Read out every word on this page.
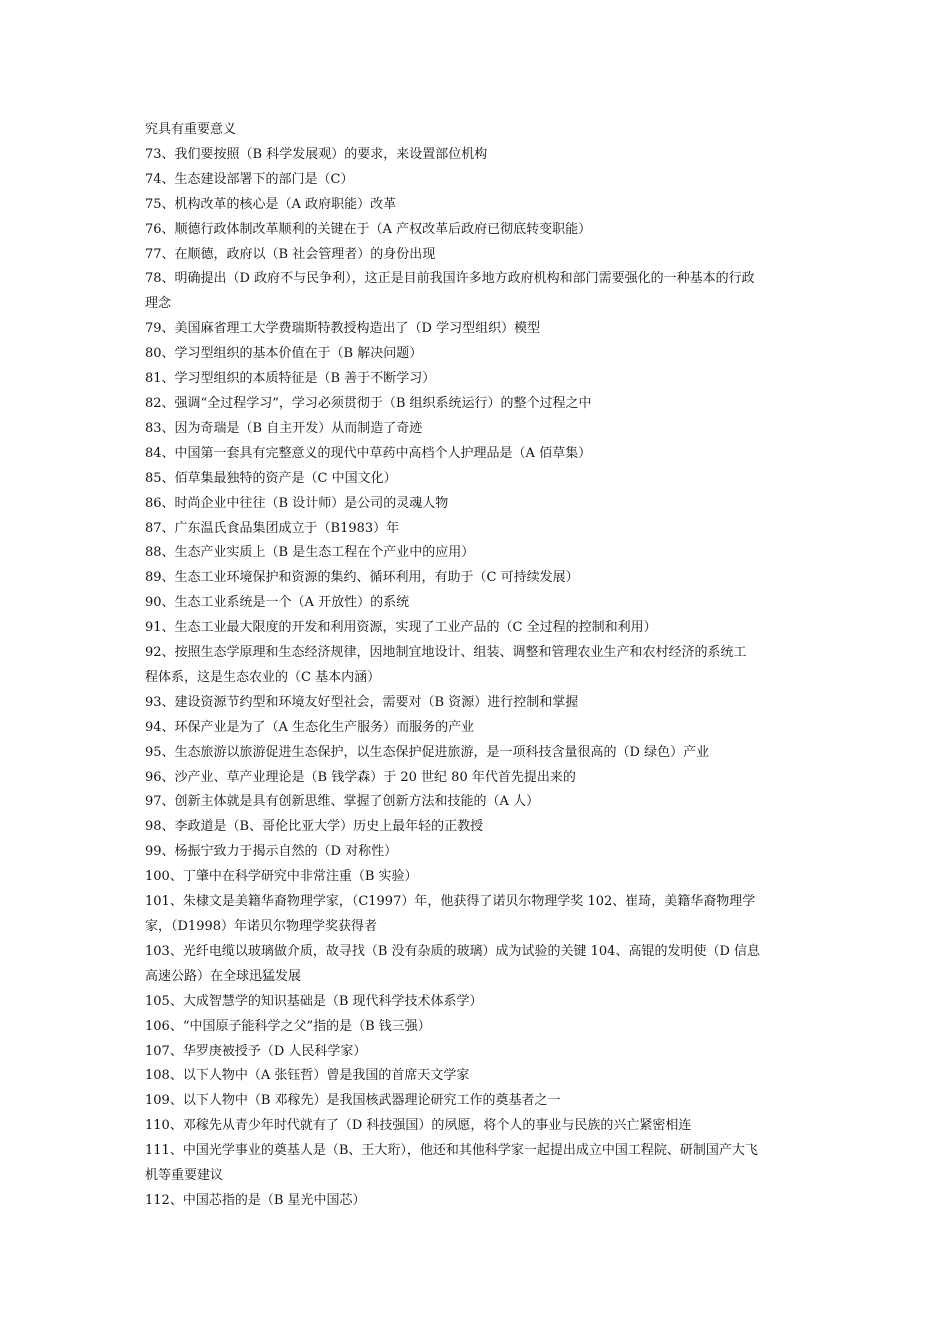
究具有重要意义
73、我们要按照（B 科学发展观）的要求，来设置部位机构
74、生态建设部署下的部门是（C）
75、机构改革的核心是（A 政府职能）改革
76、顺德行政体制改革顺利的关键在于（A 产权改革后政府已彻底转变职能）
77、在顺德，政府以（B 社会管理者）的身份出现
78、明确提出（D 政府不与民争利），这正是目前我国许多地方政府机构和部门需要强化的一种基本的行政
理念
79、美国麻省理工大学费瑞斯特教授构造出了（D 学习型组织）模型
80、学习型组织的基本价值在于（B 解决问题）
81、学习型组织的本质特征是（B 善于不断学习）
82、强调“全过程学习”，学习必须贯彻于（B 组织系统运行）的整个过程之中
83、因为奇瑞是（B 自主开发）从而制造了奇迹
84、中国第一套具有完整意义的现代中草药中高档个人护理品是（A 佰草集）
85、佰草集最独特的资产是（C 中国文化）
86、时尚企业中往往（B 设计师）是公司的灵魂人物
87、广东温氏食品集团成立于（B1983）年
88、生态产业实质上（B 是生态工程在个产业中的应用）
89、生态工业环境保护和资源的集约、循环利用，有助于（C 可持续发展）
90、生态工业系统是一个（A 开放性）的系统
91、生态工业最大限度的开发和利用资源，实现了工业产品的（C 全过程的控制和利用）
92、按照生态学原理和生态经济规律，因地制宜地设计、组装、调整和管理农业生产和农村经济的系统工
程体系，这是生态农业的（C 基本内涵）
93、建设资源节约型和环境友好型社会，需要对（B 资源）进行控制和掌握
94、环保产业是为了（A 生态化生产服务）而服务的产业
95、生态旅游以旅游促进生态保护，以生态保护促进旅游，是一项科技含量很高的（D 绿色）产业
96、沙产业、草产业理论是（B 钱学森）于 20 世纪 80 年代首先提出来的
97、创新主体就是具有创新思维、掌握了创新方法和技能的（A 人）
98、李政道是（B、哥伦比亚大学）历史上最年轻的正教授
99、杨振宁致力于揭示自然的（D 对称性）
100、丁肇中在科学研究中非常注重（B 实验）
101、朱棣文是美籍华裔物理学家，（C1997）年，他获得了诺贝尔物理学奖 102、崔琦，美籍华裔物理学
家，（D1998）年诺贝尔物理学奖获得者
103、光纤电缆以玻璃做介质，故寻找（B 没有杂质的玻璃）成为试验的关键 104、高锟的发明使（D 信息
高速公路）在全球迅猛发展
105、大成智慧学的知识基础是（B 现代科学技术体系学）
106、“中国原子能科学之父”指的是（B 钱三强）
107、华罗庚被授予（D 人民科学家）
108、以下人物中（A 张钰哲）曾是我国的首席天文学家
109、以下人物中（B 邓稼先）是我国核武器理论研究工作的奠基者之一
110、邓稼先从青少年时代就有了（D 科技强国）的夙愿，将个人的事业与民族的兴亡紧密相连
111、中国光学事业的奠基人是（B、王大珩），他还和其他科学家一起提出成立中国工程院、研制国产大飞
机等重要建议
112、中国芯指的是（B 星光中国芯）
